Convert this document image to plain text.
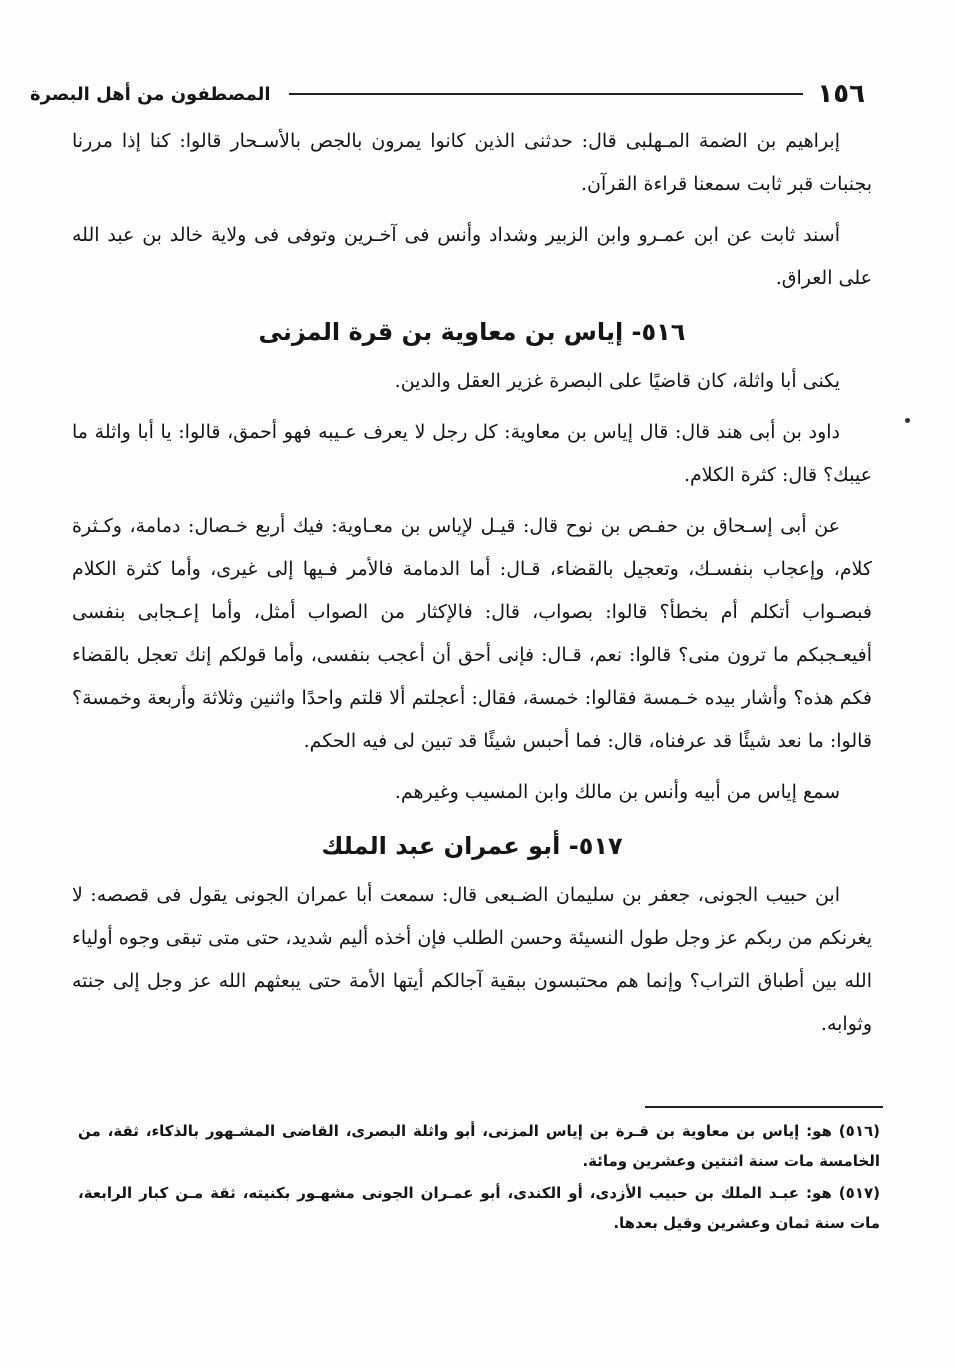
١٥٦
المصطفون من أهل البصرة

إبراهيم بن الضمة المـهلبى قال: حدثنى الذين كانوا يمرون بالجص بالأسـحار قالوا: كنا إذا مررنا بجنبات قبر ثابت سمعنا قراءة القرآن.

أسند ثابت عن ابن عمـرو وابن الزبير وشداد وأنس فى آخـرين وتوفى فى ولاية خالد بن عبد الله على العراق.

٥١٦- إياس بن معاوية بن قرة المزنى

يكنى أبا واثلة، كان قاضيًا على البصرة غزير العقل والدين.

داود بن أبى هند قال: قال إياس بن معاوية: كل رجل لا يعرف عـيبه فهو أحمق، قالوا: يا أبا واثلة ما عيبك؟ قال: كثرة الكلام.

عن أبى إسـحاق بن حفـص بن نوح قال: قيـل لإياس بن معـاوية: فيك أربع خـصال: دمامة، وكـثرة كلام، وإعجاب بنفسـك، وتعجيل بالقضاء، قـال: أما الدمامة فالأمر فـيها إلى غيرى، وأما كثرة الكلام فبصـواب أتكلم أم بخطأ؟ قالوا: بصواب، قال: فالإكثار من الصواب أمثل، وأما إعـجابى بنفسى أفيعـجبكم ما ترون منى؟ قالوا: نعم، قـال: فإنى أحق أن أعجب بنفسى، وأما قولكم إنك تعجل بالقضاء فكم هذه؟ وأشار بيده خـمسة فقالوا: خمسة، فقال: أعجلتم ألا قلتم واحدًا واثنين وثلاثة وأربعة وخمسة؟ قالوا: ما نعد شيئًا قد عرفناه، قال: فما أحبس شيئًا قد تبين لى فيه الحكم.

سمع إياس من أبيه وأنس بن مالك وابن المسيب وغيرهم.

٥١٧- أبو عمران عبد الملك

ابن حبيب الجونى، جعفر بن سليمان الضـبعى قال: سمعت أبا عمران الجونى يقول فى قصصه: لا يغرنكم من ربكم عز وجل طول النسيئة وحسن الطلب فإن أخذه أليم شديد، حتى متى تبقى وجوه أولياء الله بين أطباق التراب؟ وإنما هم محتبسون ببقية آجالكم أيتها الأمة حتى يبعثهم الله عز وجل إلى جنته وثوابه.

(٥١٦) هو: إياس بن معاوية بن قـرة بن إياس المزنى، أبو واثلة البصرى، القاضى المشـهور بالذكاء، ثقة، من الخامسة مات سنة اثنتين وعشرين ومائة.

(٥١٧) هو: عبـد الملك بن حبيب الأزدى، أو الكندى، أبو عمـران الجونى مشهـور بكنيته، ثقة مـن كبار الرابعة، مات سنة ثمان وعشرين وقيل بعدها.
